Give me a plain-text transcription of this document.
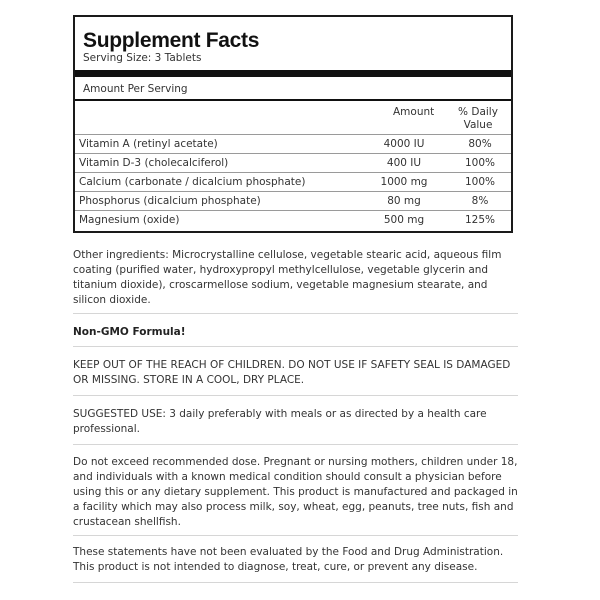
Supplement Facts
Serving Size: 3 Tablets
Amount Per Serving
Amount	% Daily
Value
Vitamin A (retinyl acetate)	4000 IU	80%
Vitamin D-3 (cholecalciferol)	400 IU	100%
Calcium (carbonate / dicalcium phosphate)	1000 mg	100%
Phosphorus (dicalcium phosphate)	80 mg	8%
Magnesium (oxide)	500 mg	125%
Other ingredients: Microcrystalline cellulose, vegetable stearic acid, aqueous film coating (purified water, hydroxypropyl methylcellulose, vegetable glycerin and titanium dioxide), croscarmellose sodium, vegetable magnesium stearate, and silicon dioxide.
Non-GMO Formula!
KEEP OUT OF THE REACH OF CHILDREN. DO NOT USE IF SAFETY SEAL IS DAMAGED OR MISSING. STORE IN A COOL, DRY PLACE.
SUGGESTED USE: 3 daily preferably with meals or as directed by a health care professional.
Do not exceed recommended dose. Pregnant or nursing mothers, children under 18, and individuals with a known medical condition should consult a physician before using this or any dietary supplement. This product is manufactured and packaged in a facility which may also process milk, soy, wheat, egg, peanuts, tree nuts, fish and crustacean shellfish.
These statements have not been evaluated by the Food and Drug Administration. This product is not intended to diagnose, treat, cure, or prevent any disease.
